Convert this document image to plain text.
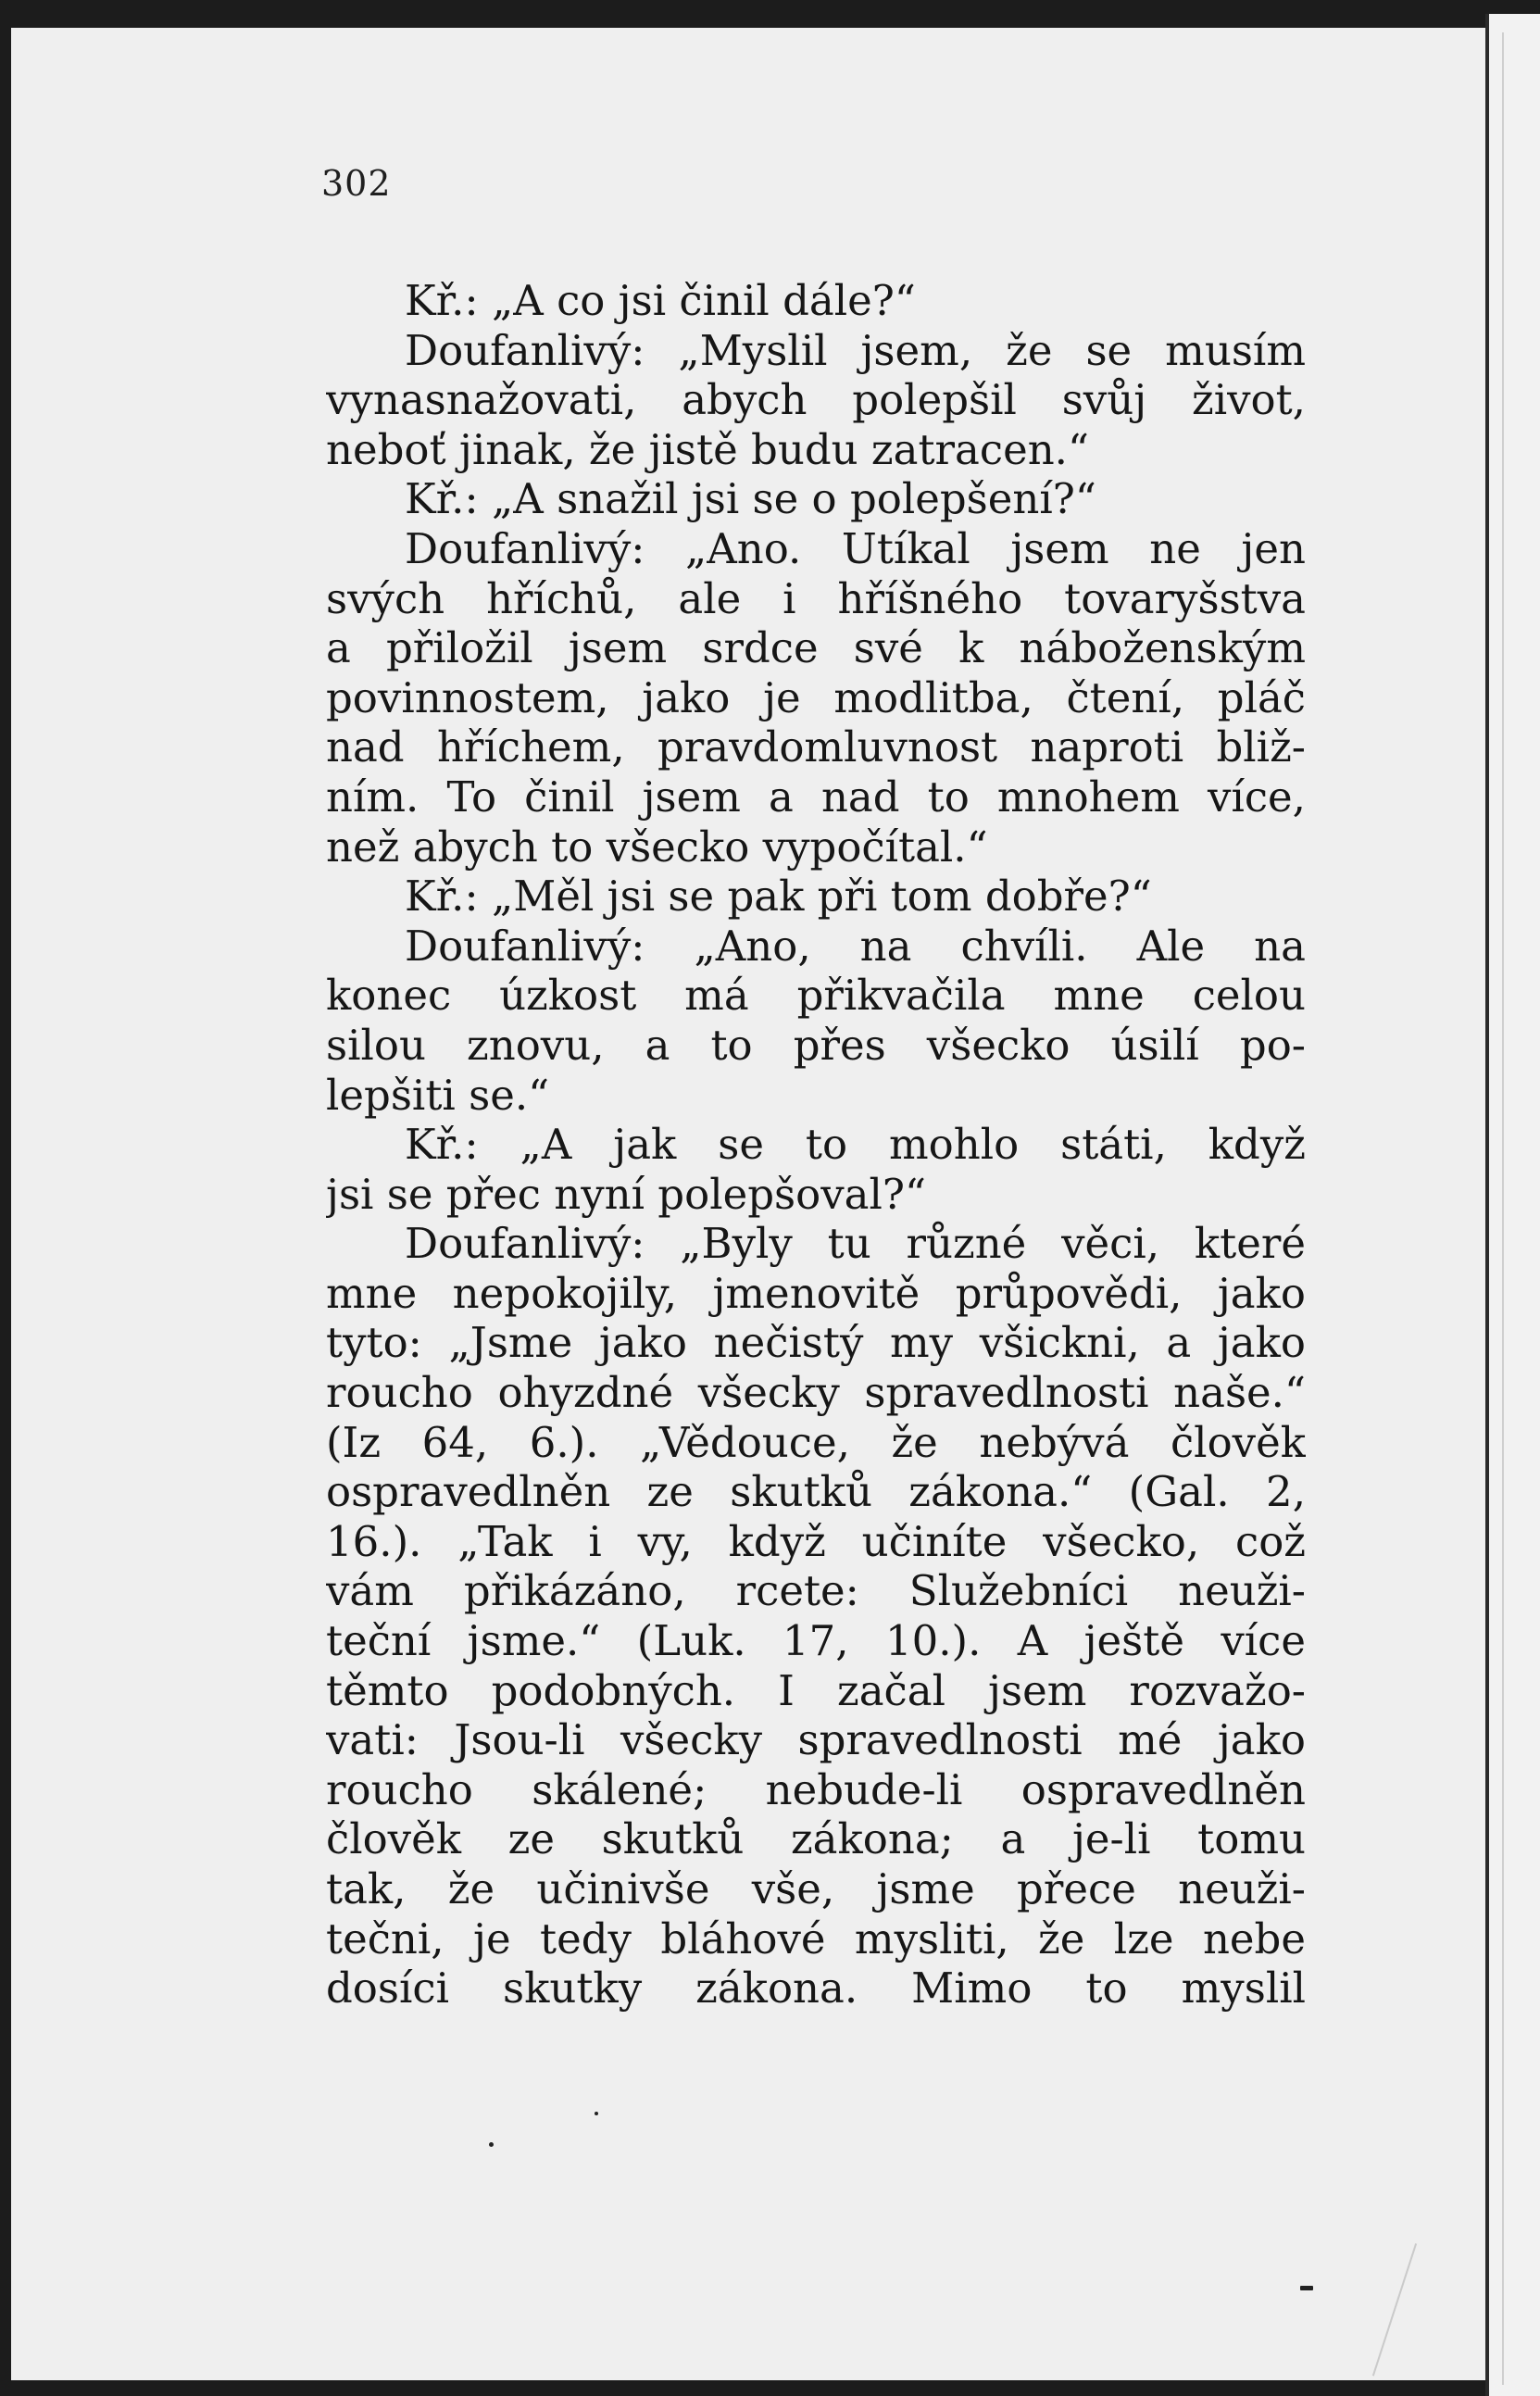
302
Kř.: „A co jsi činil dále?“
Doufanlivý: „Myslil jsem, že se musím
vynasnažovati, abych polepšil svůj život,
neboť jinak, že jistě budu zatracen.“
Kř.: „A snažil jsi se o polepšení?“
Doufanlivý: „Ano. Utíkal jsem ne jen
svých hříchů, ale i hříšného tovaryšstva
a přiložil jsem srdce své k náboženským
povinnostem, jako je modlitba, čtení, pláč
nad hříchem, pravdomluvnost naproti bliž-
ním. To činil jsem a nad to mnohem více,
než abych to všecko vypočítal.“
Kř.: „Měl jsi se pak při tom dobře?“
Doufanlivý: „Ano, na chvíli. Ale na
konec úzkost má přikvačila mne celou
silou znovu, a to přes všecko úsilí po-
lepšiti se.“
Kř.: „A jak se to mohlo státi, když
jsi se přec nyní polepšoval?“
Doufanlivý: „Byly tu různé věci, které
mne nepokojily, jmenovitě průpovědi, jako
tyto: „Jsme jako nečistý my všickni, a jako
roucho ohyzdné všecky spravedlnosti naše.“
(Iz 64, 6.). „Vědouce, že nebývá člověk
ospravedlněn ze skutků zákona.“ (Gal. 2,
16.). „Tak i vy, když učiníte všecko, což
vám přikázáno, rcete: Služebníci neuži-
teční jsme.“ (Luk. 17, 10.). A ještě více
těmto podobných. I začal jsem rozvažo-
vati: Jsou-li všecky spravedlnosti mé jako
roucho skálené; nebude-li ospravedlněn
člověk ze skutků zákona; a je-li tomu
tak, že učinivše vše, jsme přece neuži-
tečni, je tedy bláhové mysliti, že lze nebe
dosíci skutky zákona. Mimo to myslil
